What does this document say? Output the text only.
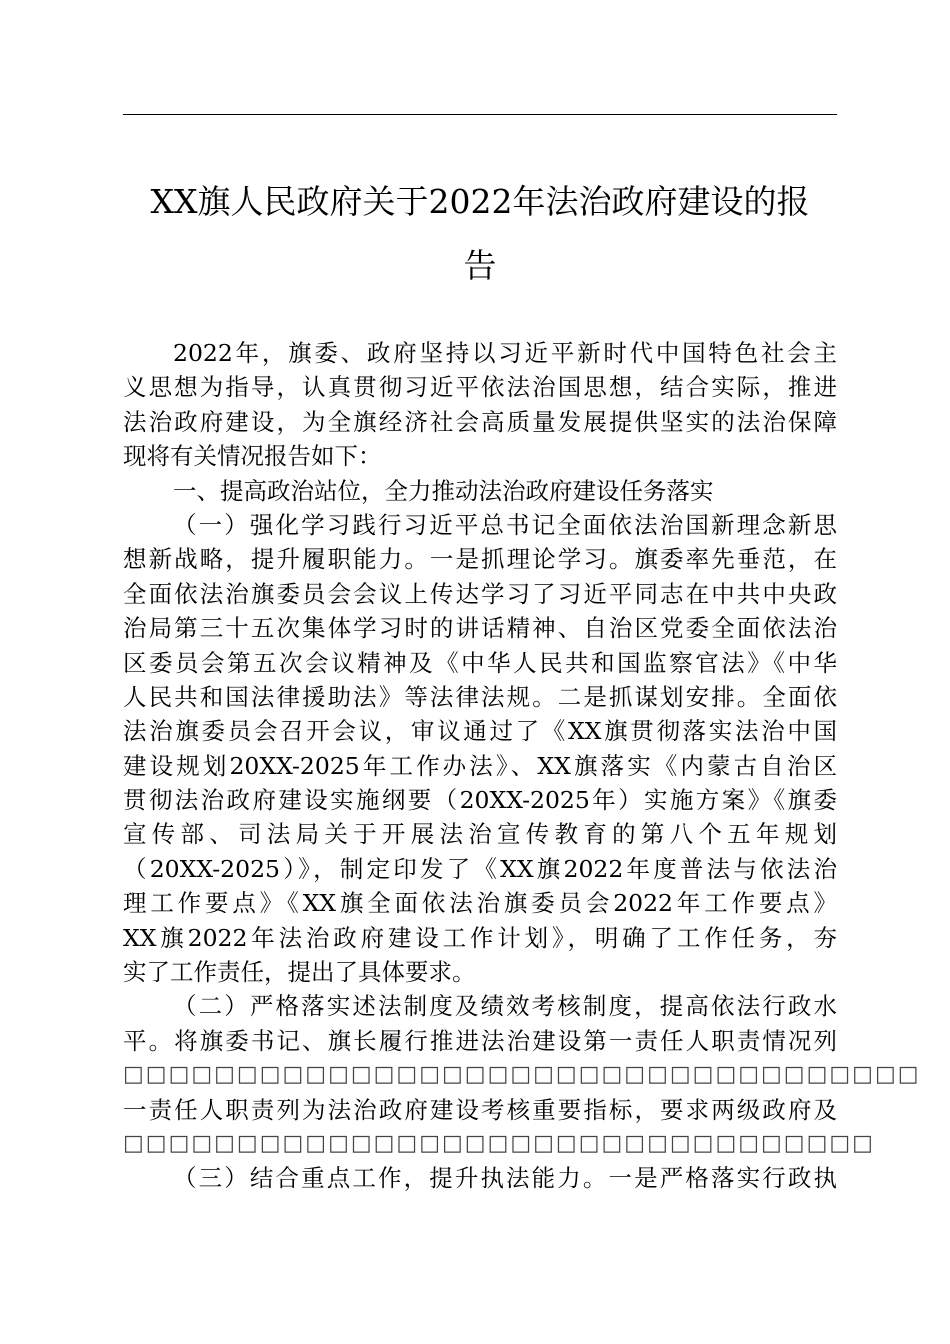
XX旗人民政府关于2022年法治政府建设的报
告
2022年，旗委、政府坚持以习近平新时代中国特色社会主
义思想为指导，认真贯彻习近平依法治国思想，结合实际，推进
法治政府建设，为全旗经济社会高质量发展提供坚实的法治保障
现将有关情况报告如下：
一、提高政治站位，全力推动法治政府建设任务落实
（一）强化学习践行习近平总书记全面依法治国新理念新思
想新战略，提升履职能力。一是抓理论学习。旗委率先垂范，在
全面依法治旗委员会会议上传达学习了习近平同志在中共中央政
治局第三十五次集体学习时的讲话精神、自治区党委全面依法治
区委员会第五次会议精神及《中华人民共和国监察官法》《中华
人民共和国法律援助法》等法律法规。二是抓谋划安排。全面依
法治旗委员会召开会议，审议通过了《XX旗贯彻落实法治中国
建设规划20XX-2025年工作办法》、XX旗落实《内蒙古自治区
贯彻法治政府建设实施纲要（20XX-2025年）实施方案》《旗委
宣传部、司法局关于开展法治宣传教育的第八个五年规划
（20XX-2025）》，制定印发了《XX旗2022年度普法与依法治
理工作要点》《XX旗全面依法治旗委员会2022年工作要点》
XX旗2022年法治政府建设工作计划》，明确了工作任务，夯
实了工作责任，提出了具体要求。
（二）严格落实述法制度及绩效考核制度，提高依法行政水
平。将旗委书记、旗长履行推进法治建设第一责任人职责情况列
□□□□□□□□□□□□□□□□□□□□□□□□□□□□□□□□□□□
一责任人职责列为法治政府建设考核重要指标，要求两级政府及
□□□□□□□□□□□□□□□□□□□□□□□□□□□□□□□□□
（三）结合重点工作，提升执法能力。一是严格落实行政执
